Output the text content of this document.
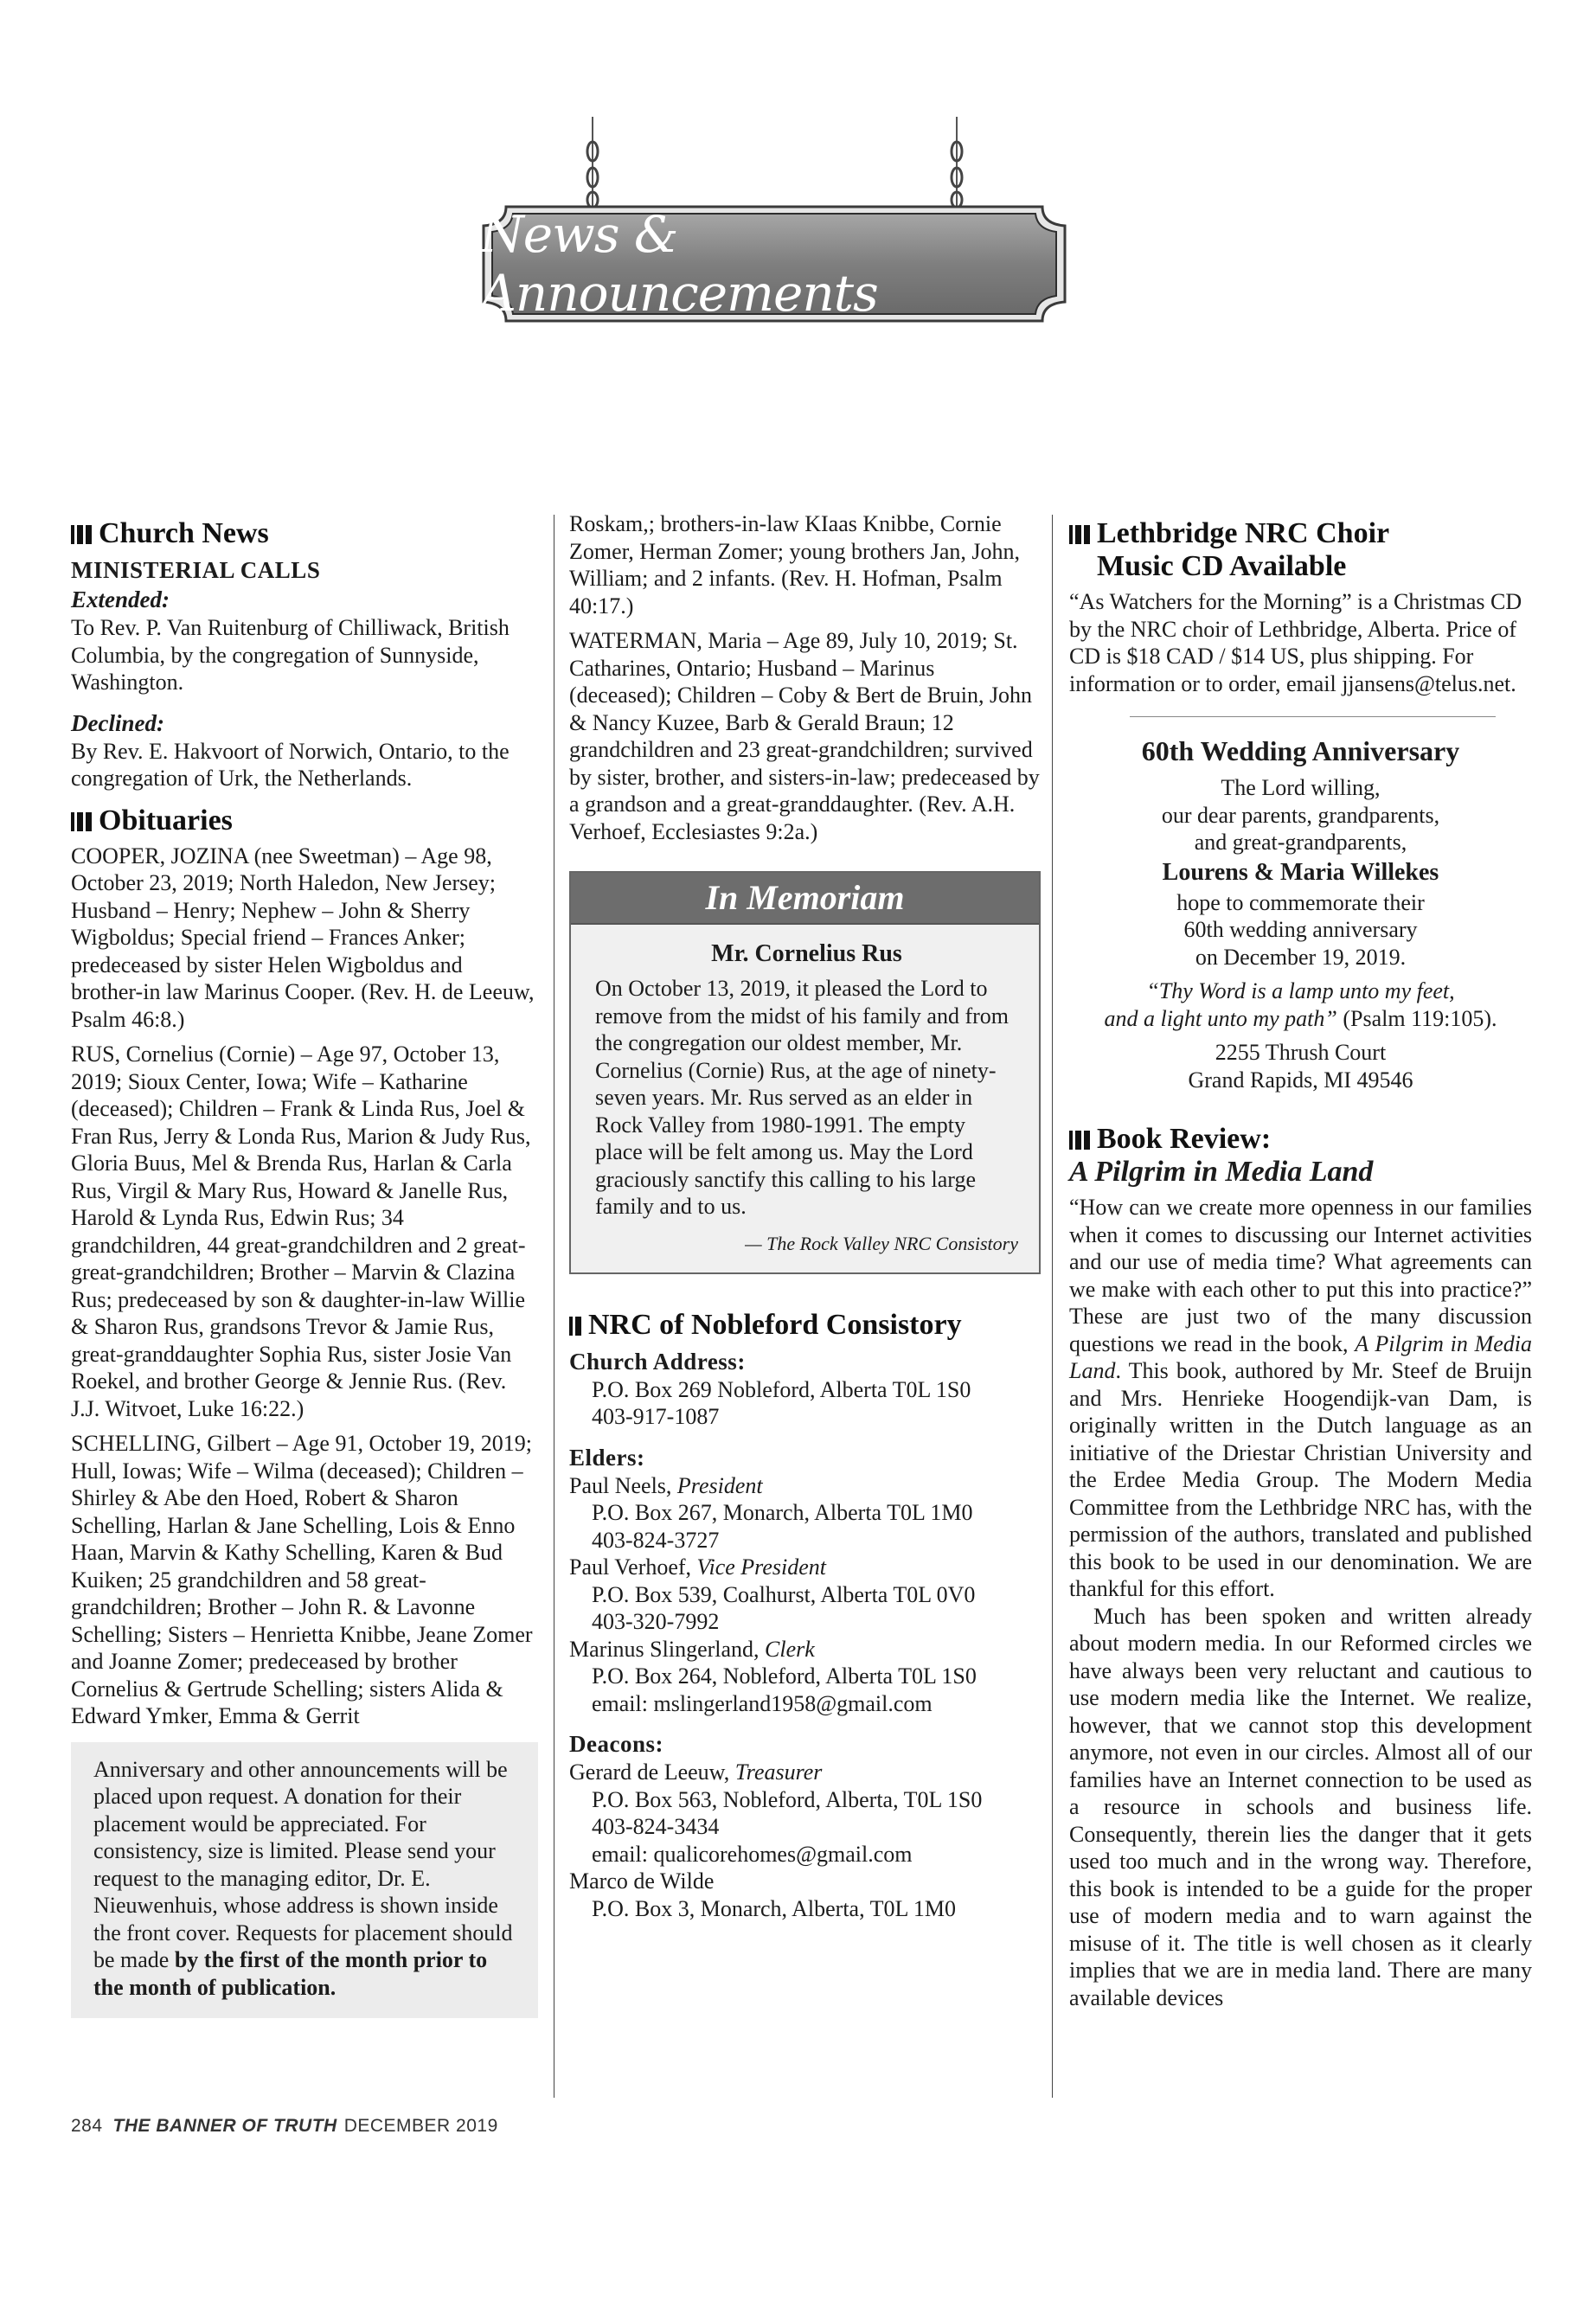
News & Announcements
Church News
MINISTERIAL CALLS
Extended:

To Rev. P. Van Ruitenburg of Chilliwack, British Columbia, by the congregation of Sunnyside, Washington.

Declined:

By Rev. E. Hakvoort of Norwich, Ontario, to the congregation of Urk, the Netherlands.

Obituaries

COOPER, JOZINA (nee Sweetman) – Age 98, October 23, 2019; North Haledon, New Jersey; Husband – Henry; Nephew – John & Sherry Wigboldus; Special friend – Frances Anker; predeceased by sister Helen Wigboldus and brother-in law Marinus Cooper. (Rev. H. de Leeuw, Psalm 46:8.)

RUS, Cornelius (Cornie) – Age 97, October 13, 2019; Sioux Center, Iowa; Wife – Katharine (deceased); Children – Frank & Linda Rus, Joel & Fran Rus, Jerry & Londa Rus, Marion & Judy Rus, Gloria Buus, Mel & Brenda Rus, Harlan & Carla Rus, Virgil & Mary Rus, Howard & Janelle Rus, Harold & Lynda Rus, Edwin Rus; 34 grandchildren, 44 great-grandchildren and 2 great-great-grandchildren; Brother – Marvin & Clazina Rus; predeceased by son & daughter-in-law Willie & Sharon Rus, grandsons Trevor & Jamie Rus, great-granddaughter Sophia Rus, sister Josie Van Roekel, and brother George & Jennie Rus. (Rev. J.J. Witvoet, Luke 16:22.)

SCHELLING, Gilbert – Age 91, October 19, 2019; Hull, Iowas; Wife – Wilma (deceased); Children – Shirley & Abe den Hoed, Robert & Sharon Schelling, Harlan & Jane Schelling, Lois & Enno Haan, Marvin & Kathy Schelling, Karen & Bud Kuiken; 25 grandchildren and 58 great-grandchildren; Brother – John R. & Lavonne Schelling; Sisters – Henrietta Knibbe, Jeane Zomer and Joanne Zomer; predeceased by brother Cornelius & Gertrude Schelling; sisters Alida & Edward Ymker, Emma & Gerrit

Anniversary and other announcements will be placed upon request. A donation for their placement would be appreciated. For consistency, size is limited. Please send your request to the managing editor, Dr. E. Nieuwenhuis, whose address is shown inside the front cover. Requests for placement should be made by the first of the month prior to the month of publication.

Roskam,; brothers-in-law KIaas Knibbe, Cornie Zomer, Herman Zomer; young brothers Jan, John, William; and 2 infants. (Rev. H. Hofman, Psalm 40:17.)

WATERMAN, Maria – Age 89, July 10, 2019; St. Catharines, Ontario; Husband – Marinus (deceased); Children – Coby & Bert de Bruin, John & Nancy Kuzee, Barb & Gerald Braun; 12 grandchildren and 23 great-grandchildren; survived by sister, brother, and sisters-in-law; predeceased by a grandson and a great-granddaughter. (Rev. A.H. Verhoef, Ecclesiastes 9:2a.)

In Memoriam
Mr. Cornelius Rus

On October 13, 2019, it pleased the Lord to remove from the midst of his family and from the congregation our oldest member, Mr. Cornelius (Cornie) Rus, at the age of ninety-seven years. Mr. Rus served as an elder in Rock Valley from 1980-1991. The empty place will be felt among us. May the Lord graciously sanctify this calling to his large family and to us.

— The Rock Valley NRC Consistory
NRC of Nobleford Consistory
Church Address:

P.O. Box 269 Nobleford, Alberta T0L 1S0

403-917-1087

Elders:

Paul Neels, President

P.O. Box 267, Monarch, Alberta T0L 1M0

403-824-3727

Paul Verhoef, Vice President

P.O. Box 539, Coalhurst, Alberta T0L 0V0

403-320-7992

Marinus Slingerland, Clerk

P.O. Box 264, Nobleford, Alberta T0L 1S0

email: mslingerland1958@gmail.com

Deacons:

Gerard de Leeuw, Treasurer

P.O. Box 563, Nobleford, Alberta, T0L 1S0

403-824-3434

email: qualicorehomes@gmail.com

Marco de Wilde

P.O. Box 3, Monarch, Alberta, T0L 1M0

Lethbridge NRC Choir
Music CD Available

“As Watchers for the Morning” is a Christmas CD by the NRC choir of Lethbridge, Alberta. Price of CD is $18 CAD / $14 US, plus shipping. For information or to order, email jjansens@telus.net.

60th Wedding Anniversary

The Lord willing,

our dear parents, grandparents,

and great-grandparents,

Lourens & Maria Willekes

hope to commemorate their

60th wedding anniversary

on December 19, 2019.

“Thy Word is a lamp unto my feet,

and a light unto my path” (Psalm 119:105).

2255 Thrush Court

Grand Rapids, MI 49546

Book Review:
A Pilgrim in Media Land

“How can we create more openness in our families when it comes to discussing our Internet activities and our use of media time? What agreements can we make with each other to put this into practice?” These are just two of the many discussion questions we read in the book, A Pilgrim in Media Land. This book, authored by Mr. Steef de Bruijn and Mrs. Henrieke Hoogendijk-van Dam, is originally written in the Dutch language as an initiative of the Driestar Christian University and the Erdee Media Group. The Modern Media Committee from the Lethbridge NRC has, with the permission of the authors, translated and published this book to be used in our denomination. We are thankful for this effort.

Much has been spoken and written already about modern media. In our Reformed circles we have always been very reluctant and cautious to use modern media like the Internet. We realize, however, that we cannot stop this development anymore, not even in our circles. Almost all of our families have an Internet connection to be used as a resource in schools and business life. Consequently, therein lies the danger that it gets used too much and in the wrong way. Therefore, this book is intended to be a guide for the proper use of modern media and to warn against the misuse of it. The title is well chosen as it clearly implies that we are in media land. There are many available devices

284 THE BANNER OF TRUTH DECEMBER 2019
